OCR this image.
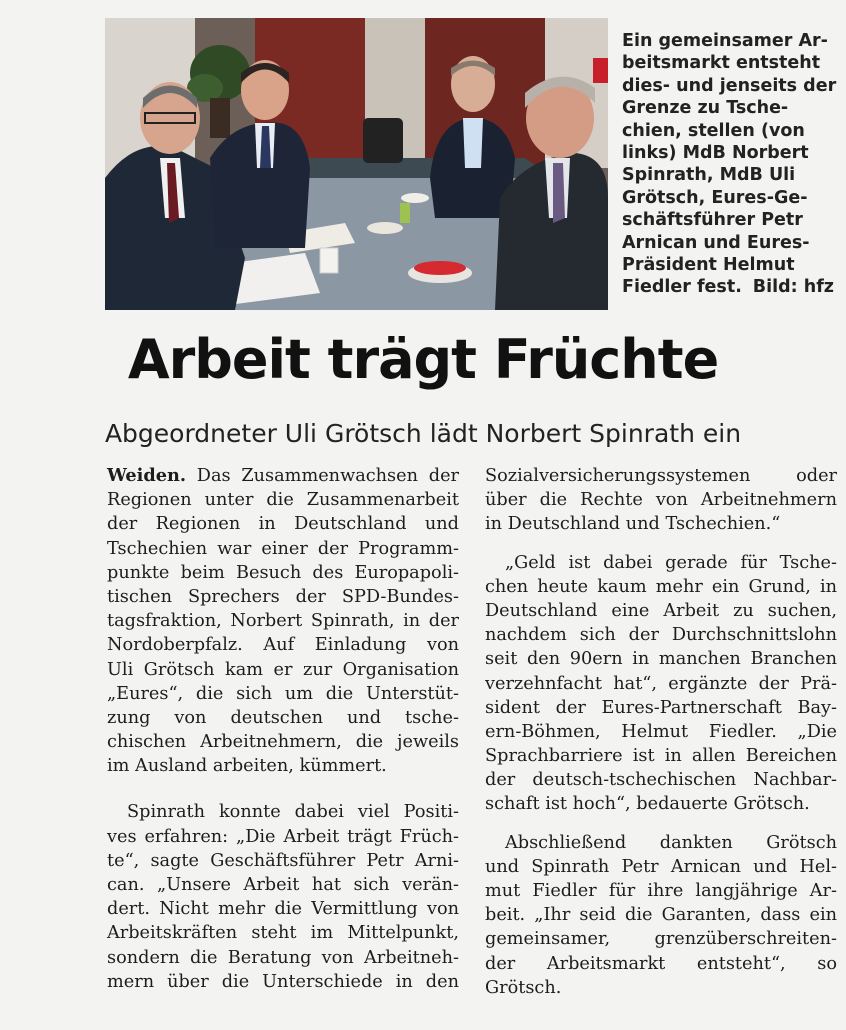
Ein gemeinsamer Ar-
beitsmarkt entsteht
dies- und jenseits der
Grenze zu Tsche-
chien, stellen (von
links) MdB Norbert
Spinrath, MdB Uli
Grötsch, Eures-Ge-
schäftsführer Petr
Arnican und Eures-
Präsident Helmut
Fiedler fest. Bild: hfz
Arbeit trägt Früchte
Abgeordneter Uli Grötsch lädt Norbert Spinrath ein
Weiden. Das Zusammenwachsen der
Regionen unter die Zusammenarbeit
der Regionen in Deutschland und
Tschechien war einer der Programm-
punkte beim Besuch des Europapoli-
tischen Sprechers der SPD-Bundes-
tagsfraktion, Norbert Spinrath, in der
Nordoberpfalz. Auf Einladung von
Uli Grötsch kam er zur Organisation
„Eures“, die sich um die Unterstüt-
zung von deutschen und tsche-
chischen Arbeitnehmern, die jeweils
im Ausland arbeiten, kümmert.
Spinrath konnte dabei viel Positi-
ves erfahren: „Die Arbeit trägt Früch-
te“, sagte Geschäftsführer Petr Arni-
can. „Unsere Arbeit hat sich verän-
dert. Nicht mehr die Vermittlung von
Arbeitskräften steht im Mittelpunkt,
sondern die Beratung von Arbeitneh-
mern über die Unterschiede in den
Sozialversicherungssystemen oder
über die Rechte von Arbeitnehmern
in Deutschland und Tschechien.“
„Geld ist dabei gerade für Tsche-
chen heute kaum mehr ein Grund, in
Deutschland eine Arbeit zu suchen,
nachdem sich der Durchschnittslohn
seit den 90ern in manchen Branchen
verzehnfacht hat“, ergänzte der Prä-
sident der Eures-Partnerschaft Bay-
ern-Böhmen, Helmut Fiedler. „Die
Sprachbarriere ist in allen Bereichen
der deutsch-tschechischen Nachbar-
schaft ist hoch“, bedauerte Grötsch.
Abschließend dankten Grötsch
und Spinrath Petr Arnican und Hel-
mut Fiedler für ihre langjährige Ar-
beit. „Ihr seid die Garanten, dass ein
gemeinsamer, grenzüberschreiten-
der Arbeitsmarkt entsteht“, so
Grötsch.
